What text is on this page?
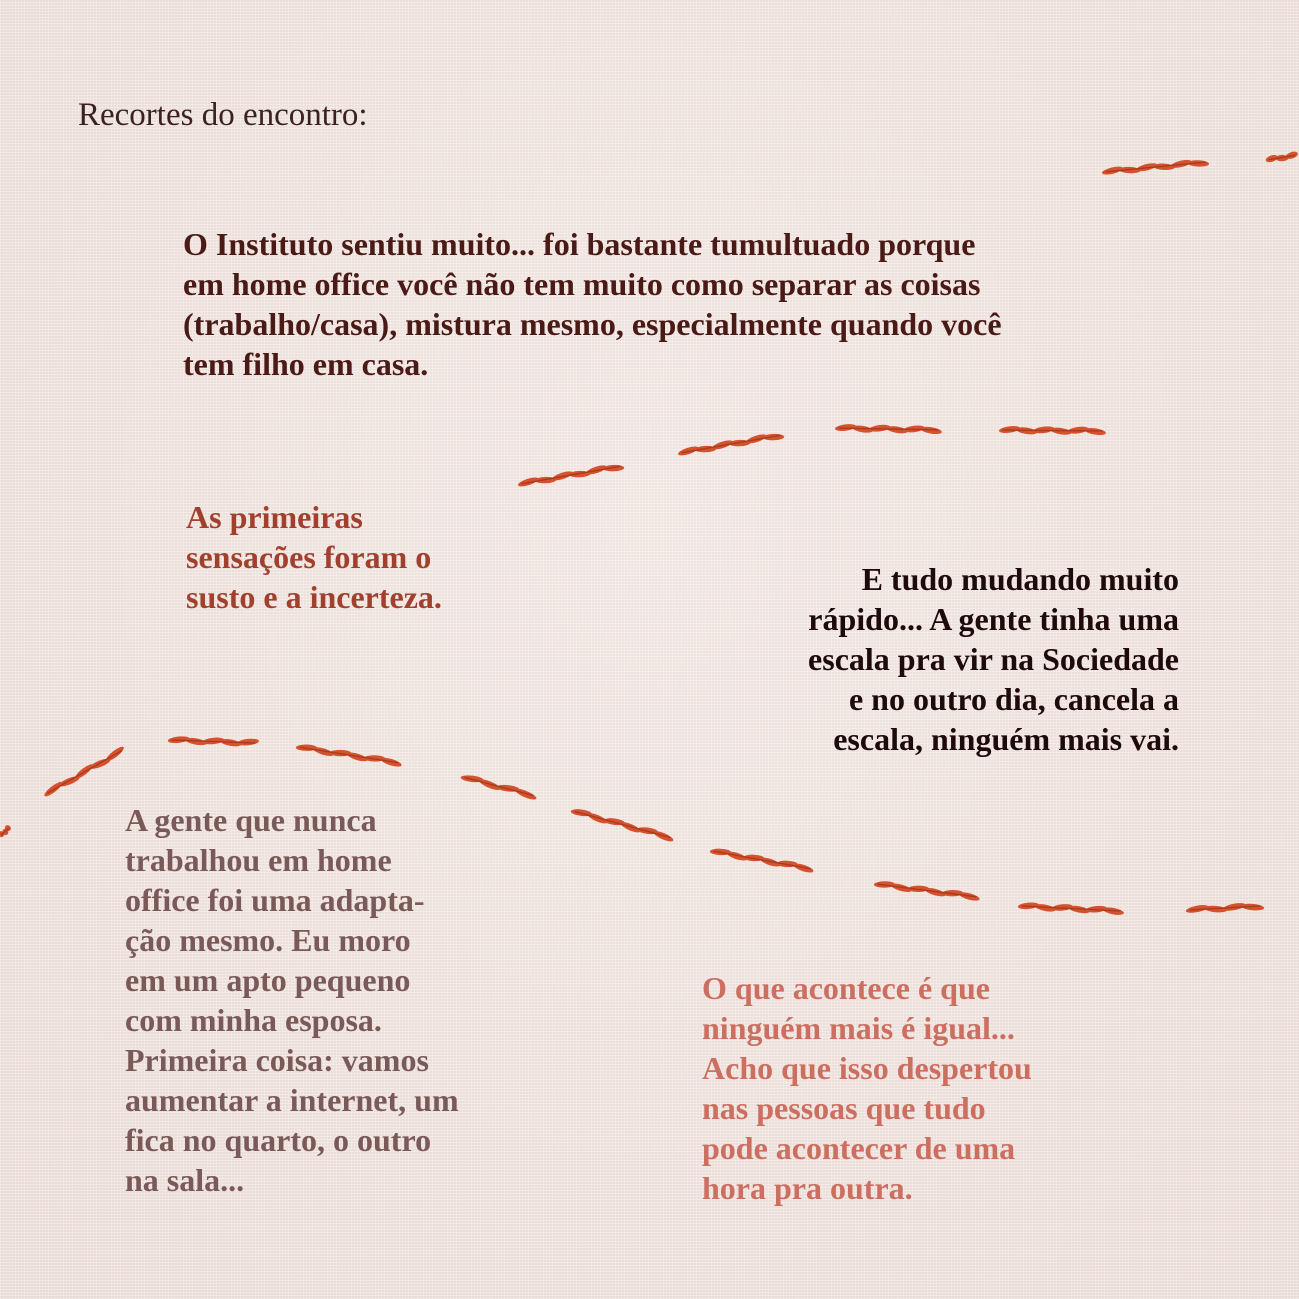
Recortes do encontro:

O Instituto sentiu muito... foi bastante tumultuado porque
em home office você não tem muito como separar as coisas
(trabalho/casa), mistura mesmo, especialmente quando você
tem filho em casa.

As primeiras
sensações foram o
susto e a incerteza.	E tudo mudando muito
rápido... A gente tinha uma
escala pra vir na Sociedade
e no outro dia, cancela a
escala, ninguém mais vai.

A gente que nunca
trabalhou em home
office foi uma adapta-
ção mesmo. Eu moro
em um apto pequeno
com minha esposa.
Primeira coisa: vamos
aumentar a internet, um
fica no quarto, o outro
na sala...

O que acontece é que
ninguém mais é igual...
Acho que isso despertou
nas pessoas que tudo
pode acontecer de uma
hora pra outra.
